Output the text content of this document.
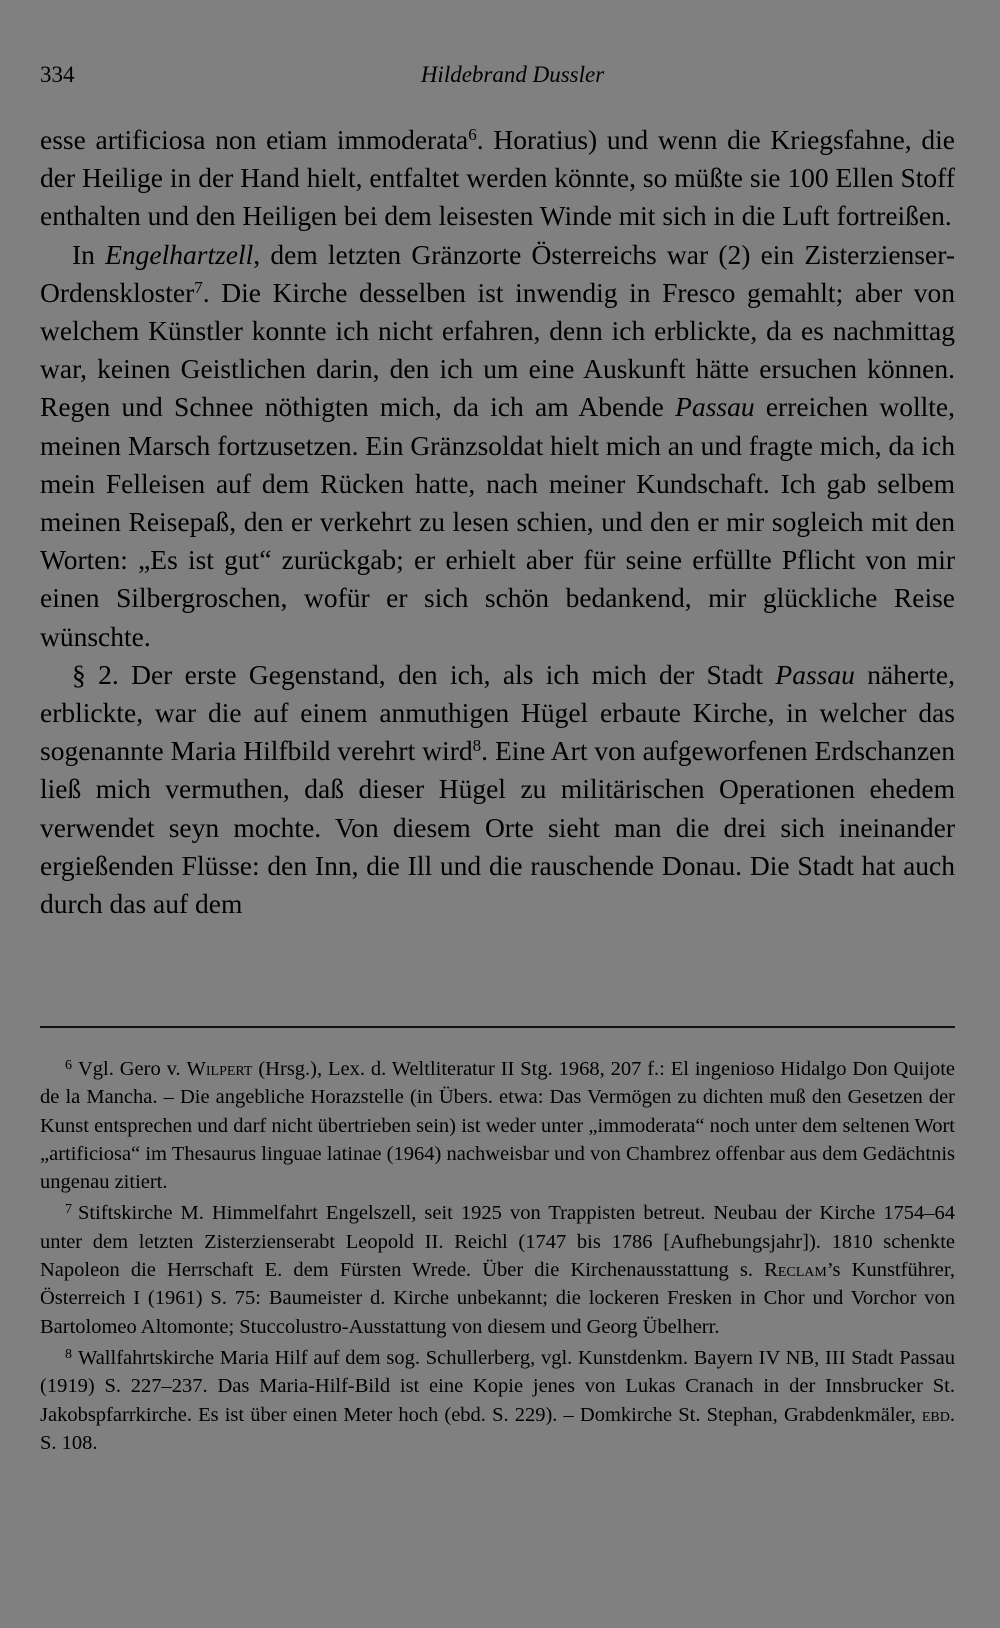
334	Hildebrand Dussler

esse artificiosa non etiam immoderata$^6$. Horatius) und wenn die Kriegsfahne, die der Heilige in der Hand hielt, entfaltet werden könnte, so müßte sie 100 Ellen Stoff enthalten und den Heiligen bei dem leisesten Winde mit sich in die Luft fortreißen.

In Engelhartzell, dem letzten Gränzorte Österreichs war (2) ein Zisterzienser-Ordenskloster$^7$. Die Kirche desselben ist inwendig in Fresco gemahlt; aber von welchem Künstler konnte ich nicht erfahren, denn ich erblickte, da es nachmittag war, keinen Geistlichen darin, den ich um eine Auskunft hätte ersuchen können. Regen und Schnee nöthigten mich, da ich am Abende Passau erreichen wollte, meinen Marsch fortzusetzen. Ein Gränzsoldat hielt mich an und fragte mich, da ich mein Felleisen auf dem Rücken hatte, nach meiner Kundschaft. Ich gab selbem meinen Reisepaß, den er verkehrt zu lesen schien, und den er mir sogleich mit den Worten: „Es ist gut“ zurückgab; er erhielt aber für seine erfüllte Pflicht von mir einen Silbergroschen, wofür er sich schön bedankend, mir glückliche Reise wünschte.

§ 2. Der erste Gegenstand, den ich, als ich mich der Stadt Passau näherte, erblickte, war die auf einem anmuthigen Hügel erbaute Kirche, in welcher das sogenannte Maria Hilfbild verehrt wird$^8$. Eine Art von aufgeworfenen Erdschanzen ließ mich vermuthen, daß dieser Hügel zu militärischen Operationen ehedem verwendet seyn mochte. Von diesem Orte sieht man die drei sich ineinander ergießenden Flüsse: den Inn, die Ill und die rauschende Donau. Die Stadt hat auch durch das auf dem

$^6$ Vgl. Gero v. Wilpert (Hrsg.), Lex. d. Weltliteratur II Stg. 1968, 207 f.: El ingenioso Hidalgo Don Quijote de la Mancha. – Die angebliche Horazstelle (in Übers. etwa: Das Vermögen zu dichten muß den Gesetzen der Kunst entsprechen und darf nicht übertrieben sein) ist weder unter „immoderata“ noch unter dem seltenen Wort „artificiosa“ im Thesaurus linguae latinae (1964) nachweisbar und von Chambrez offenbar aus dem Gedächtnis ungenau zitiert.

$^7$ Stiftskirche M. Himmelfahrt Engelszell, seit 1925 von Trappisten betreut. Neubau der Kirche 1754–64 unter dem letzten Zisterzienserabt Leopold II. Reichl (1747 bis 1786 [Aufhebungsjahr]). 1810 schenkte Napoleon die Herrschaft E. dem Fürsten Wrede. Über die Kirchenausstattung s. Reclam’s Kunstführer, Österreich I (1961) S. 75: Baumeister d. Kirche unbekannt; die lockeren Fresken in Chor und Vorchor von Bartolomeo Altomonte; Stuccolustro-Ausstattung von diesem und Georg Übelherr.

$^8$ Wallfahrtskirche Maria Hilf auf dem sog. Schullerberg, vgl. Kunstdenkm. Bayern IV NB, III Stadt Passau (1919) S. 227–237. Das Maria-Hilf-Bild ist eine Kopie jenes von Lukas Cranach in der Innsbrucker St. Jakobspfarrkirche. Es ist über einen Meter hoch (ebd. S. 229). – Domkirche St. Stephan, Grabdenkmäler, ebd. S. 108.
